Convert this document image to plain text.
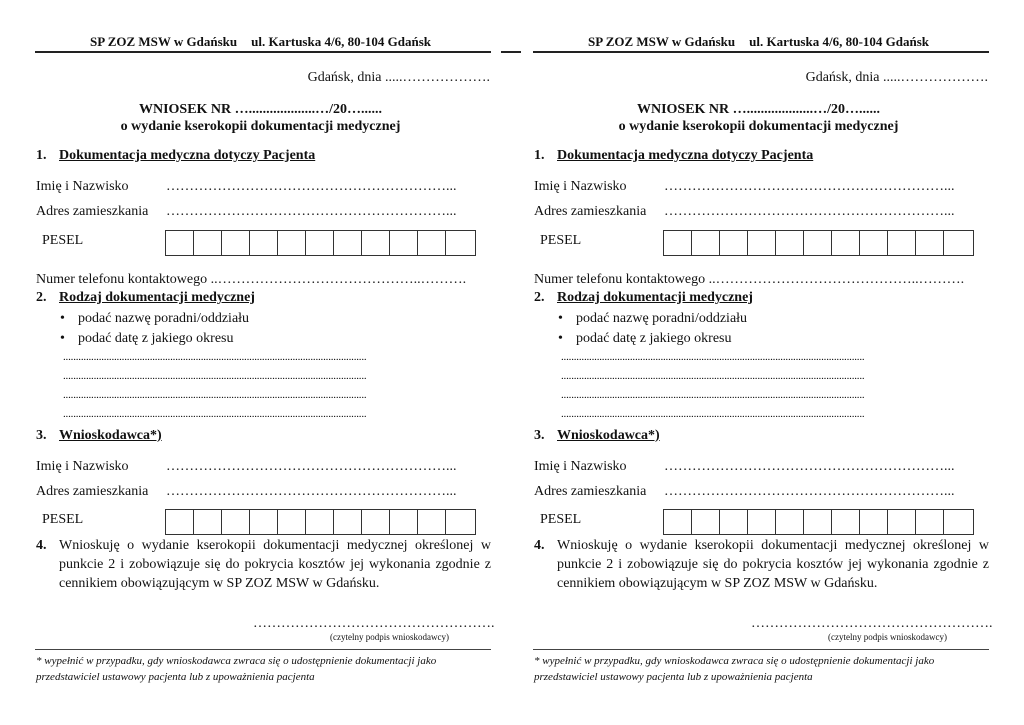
SP ZOZ MSW w Gdańsku ul. Kartuska 4/6, 80-104 Gdańsk
Gdańsk, dnia .....……………….
WNIOSEK NR …...................…/20…......
o wydanie kserokopii dokumentacji medycznej
1. Dokumentacja medyczna dotyczy Pacjenta
Imię i Nazwisko	……………………………………………………...
Adres zamieszkania ……………………………………………………...
PESEL
Numer telefonu kontaktowego ..……………………………………..……….
2. Rodzaj dokumentacji medycznej
• podać nazwę poradni/oddziału
• podać datę z jakiego okresu
.......................................................................................................................
.......................................................................................................................
.......................................................................................................................
.......................................................................................................................
3. Wnioskodawca*)
Imię i Nazwisko	……………………………………………………...
Adres zamieszkania ……………………………………………………...
PESEL
4. Wnioskuję o wydanie kserokopii dokumentacji medycznej określonej w punkcie 2 i zobowiązuje się do pokrycia kosztów jej wykonania zgodnie z cennikiem obowiązującym w SP ZOZ MSW w Gdańsku.
…………………………………………….
(czytelny podpis wnioskodawcy)
* wypełnić w przypadku, gdy wnioskodawca zwraca się o udostępnienie dokumentacji jako przedstawiciel ustawowy pacjenta lub z upoważnienia pacjenta
SP ZOZ MSW w Gdańsku ul. Kartuska 4/6, 80-104 Gdańsk
Gdańsk, dnia .....……………….
WNIOSEK NR …...................…/20…......
o wydanie kserokopii dokumentacji medycznej
1. Dokumentacja medyczna dotyczy Pacjenta
Imię i Nazwisko	……………………………………………………...
Adres zamieszkania ……………………………………………………...
PESEL
Numer telefonu kontaktowego ..……………………………………..……….
2. Rodzaj dokumentacji medycznej
• podać nazwę poradni/oddziału
• podać datę z jakiego okresu
.......................................................................................................................
.......................................................................................................................
.......................................................................................................................
.......................................................................................................................
3. Wnioskodawca*)
Imię i Nazwisko	……………………………………………………...
Adres zamieszkania ……………………………………………………...
PESEL
4. Wnioskuję o wydanie kserokopii dokumentacji medycznej określonej w punkcie 2 i zobowiązuje się do pokrycia kosztów jej wykonania zgodnie z cennikiem obowiązującym w SP ZOZ MSW w Gdańsku.
…………………………………………….
(czytelny podpis wnioskodawcy)
* wypełnić w przypadku, gdy wnioskodawca zwraca się o udostępnienie dokumentacji jako przedstawiciel ustawowy pacjenta lub z upoważnienia pacjenta
